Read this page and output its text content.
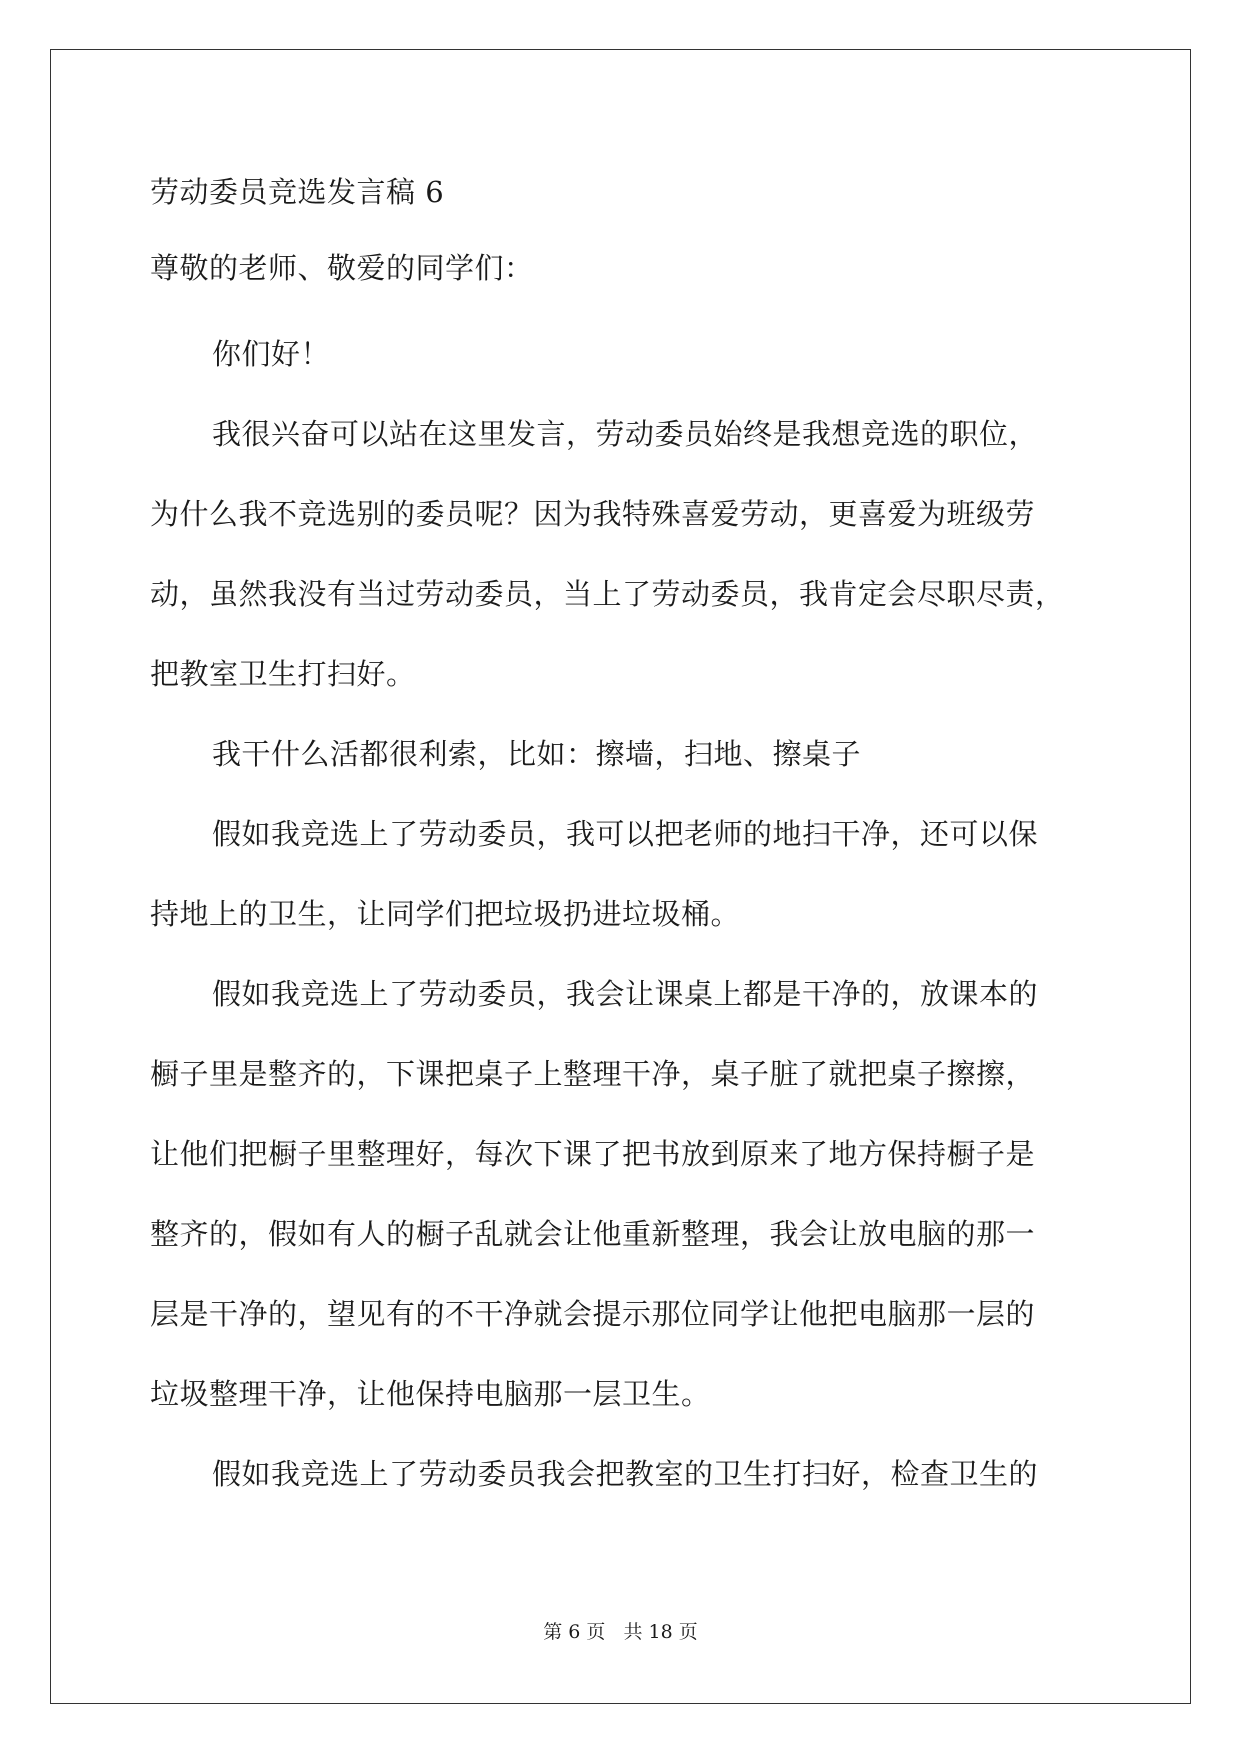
劳动委员竞选发言稿 6

尊敬的老师、敬爱的同学们：

你们好！

我很兴奋可以站在这里发言，劳动委员始终是我想竞选的职位，

为什么我不竞选别的委员呢？因为我特殊喜爱劳动，更喜爱为班级劳

动，虽然我没有当过劳动委员，当上了劳动委员，我肯定会尽职尽责，

把教室卫生打扫好。

我干什么活都很利索，比如：擦墙，扫地、擦桌子

假如我竞选上了劳动委员，我可以把老师的地扫干净，还可以保

持地上的卫生，让同学们把垃圾扔进垃圾桶。

假如我竞选上了劳动委员，我会让课桌上都是干净的，放课本的

橱子里是整齐的，下课把桌子上整理干净，桌子脏了就把桌子擦擦，

让他们把橱子里整理好，每次下课了把书放到原来了地方保持橱子是

整齐的，假如有人的橱子乱就会让他重新整理，我会让放电脑的那一

层是干净的，望见有的不干净就会提示那位同学让他把电脑那一层的

垃圾整理干净，让他保持电脑那一层卫生。

假如我竞选上了劳动委员我会把教室的卫生打扫好，检查卫生的

第 6 页 共 18 页
